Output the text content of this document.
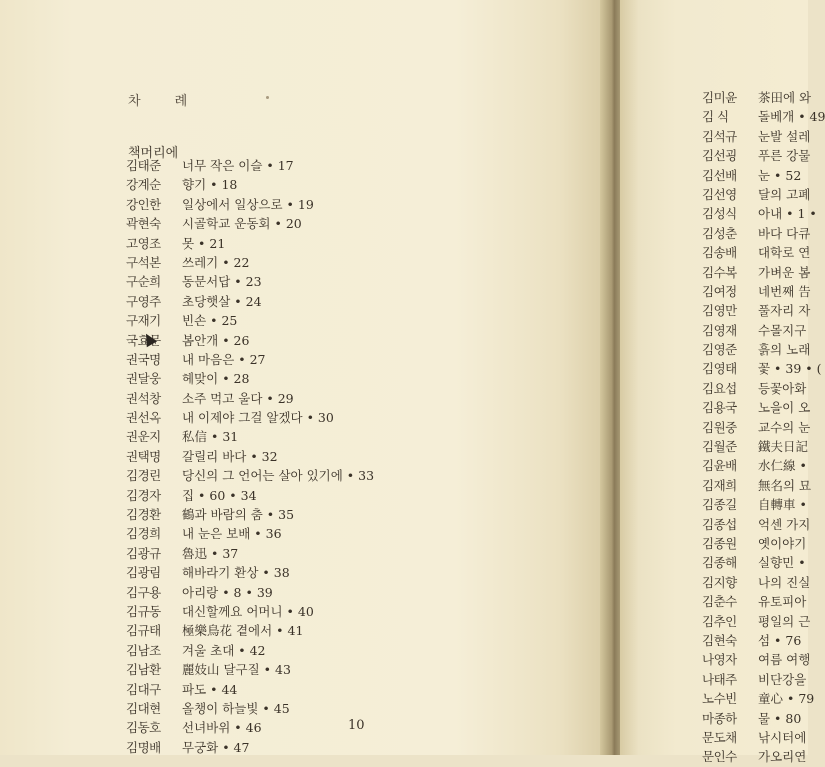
차	례
책머리에
김태준 너무 작은 이슬 • 17
강계순 향기 • 18
강인한 일상에서 일상으로 • 19
곽현숙 시골학교 운동회 • 20
고영조 못 • 21
구석본 쓰레기 • 22
구순희 동문서답 • 23
구영주 초당햇살 • 24
구재기 빈손 • 25
국효문 봄안개 • 26
권국명 내 마음은 • 27
권달웅 헤맞이 • 28
권석창 소주 먹고 울다 • 29
권선옥 내 이제야 그걸 알겠다 • 30
권운지 私信 • 31
권택명 갈릴리 바다 • 32
김경린 당신의 그 언어는 살아 있기에 • 33
김경자 집 • 60 • 34
김경환 鶴과 바람의 춤 • 35
김경희 내 눈은 보배 • 36
김광규 魯迅 • 37
김광림 해바라기 환상 • 38
김구용 아리랑 • 8 • 39
김규동 대신할께요 어머니 • 40
김규태 極樂鳥花 곁에서 • 41
김남조 겨울 초대 • 42
김남환 麗妓山 달구질 • 43
김대구 파도 • 44
김대현 올챙이 하늘빛 • 45
김동호 선녀바위 • 46
김명배 무궁화 • 47
10
김미윤 茶田에 와
김 식 돌베개 • 49
김석규 눈발 설레
김선굉 푸른 강물
김선배 눈 • 52
김선영 달의 고폐
김성식 아내 • 1 •
김성춘 바다 다큐
김송배 대학로 연
김수복 가벼운 봄
김여정 네번째 告
김영만 풀자리 자
김영재 수몰지구
김영준 흙의 노래
김영태 꽃 • 39 • (
김요섭 등꽃아화
김용국 노을이 오
김원중 교수의 눈
김월준 鐵夫日記
김윤배 水仁線 •
김재희 無名의 묘
김종길 自轉車 •
김종섭 억센 가지
김종원 옛이야기
김종해 실향민 •
김지향 나의 진실
김춘수 유토피아
김추인 평일의 근
김현숙 섬 • 76
나영자 여름 여행
나태주 비단강을
노수빈 童心 • 79
마종하 물 • 80
문도채 낚시터에
문인수 가오리연
